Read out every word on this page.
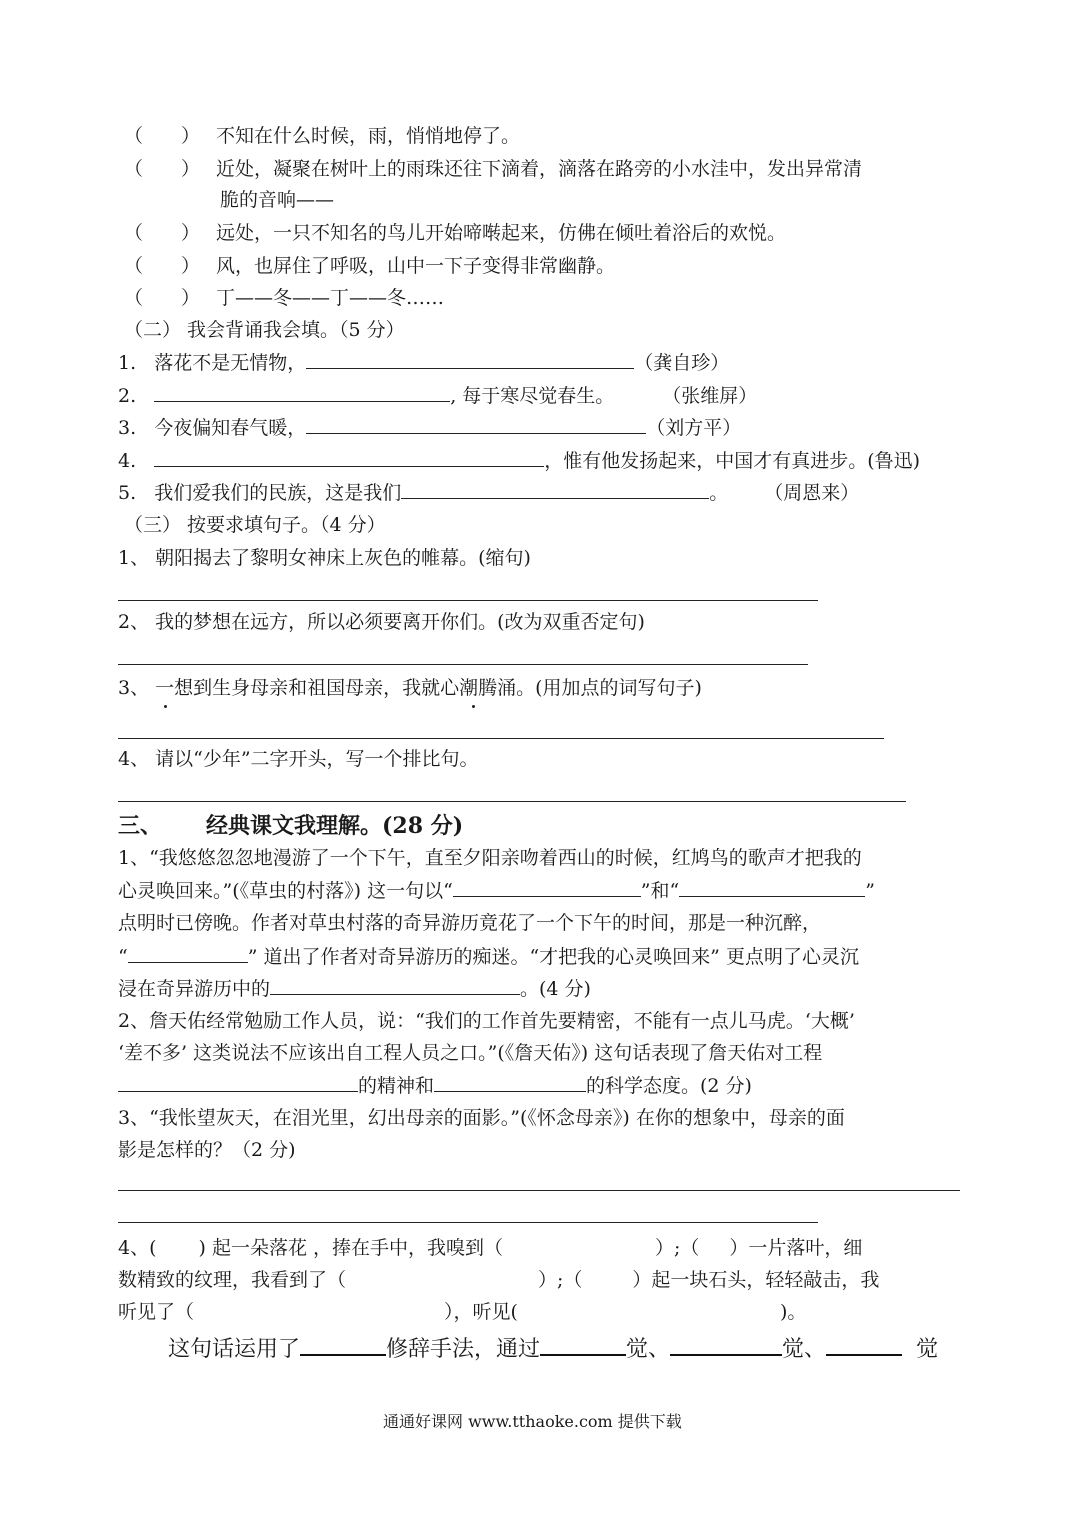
（　　） 不知在什么时候，雨，悄悄地停了。
（　　） 近处，凝聚在树叶上的雨珠还往下滴着，滴落在路旁的小水洼中，发出异常清
脆的音响——
（　　） 远处，一只不知名的鸟儿开始啼啭起来，仿佛在倾吐着浴后的欢悦。
（　　） 风，也屏住了呼吸，山中一下子变得非常幽静。
（　　） 丁——冬——丁——冬……
（二） 我会背诵我会填。（5 分）
1. 落花不是无情物，	（龚自珍）
2.	, 每于寒尽觉春生。	（张维屏）
3. 今夜偏知春气暖，	（刘方平）
4.	，惟有他发扬起来，中国才有真进步。(鲁迅)
5. 我们爱我们的民族，这是我们	。 （周恩来）
（三） 按要求填句子。（4 分）
1、 朝阳揭去了黎明女神床上灰色的帷幕。(缩句)
2、 我的梦想在远方，所以必须要离开你们。(改为双重否定句)
3、 一想到生身母亲和祖国母亲，我就心潮腾涌。(用加点的词写句子)
4、 请以“少年”二字开头，写一个排比句。
三、 经典课文我理解。(28 分)
1、“我悠悠忽忽地漫游了一个下午，直至夕阳亲吻着西山的时候，红鸠鸟的歌声才把我的
心灵唤回来。”(《草虫的村落》) 这一句以“	”和“	”
点明时已傍晚。作者对草虫村落的奇异游历竟花了一个下午的时间，那是一种沉醉，
“	” 道出了作者对奇异游历的痴迷。“才把我的心灵唤回来” 更点明了心灵沉
浸在奇异游历中的	。(4 分)
2、詹天佑经常勉励工作人员，说：“我们的工作首先要精密，不能有一点儿马虎。‘大概’
‘差不多’ 这类说法不应该出自工程人员之口。”(《詹天佑》) 这句话表现了詹天佑对工程
的精神和	的科学态度。(2 分)
3、“我怅望灰天，在泪光里，幻出母亲的面影。”(《怀念母亲》) 在你的想象中，母亲的面
影是怎样的？（2 分)
4、( ) 起一朵落花 ，捧在手中，我嗅到（	）;（ ）一片落叶，细
数精致的纹理，我看到了（	）;（	）起一块石头，轻轻敲击，我
听见了（	），听见(	)。
这句话运用了	修辞手法，通过	觉、	觉、	觉
通通好课网 www.tthaoke.com 提供下载
